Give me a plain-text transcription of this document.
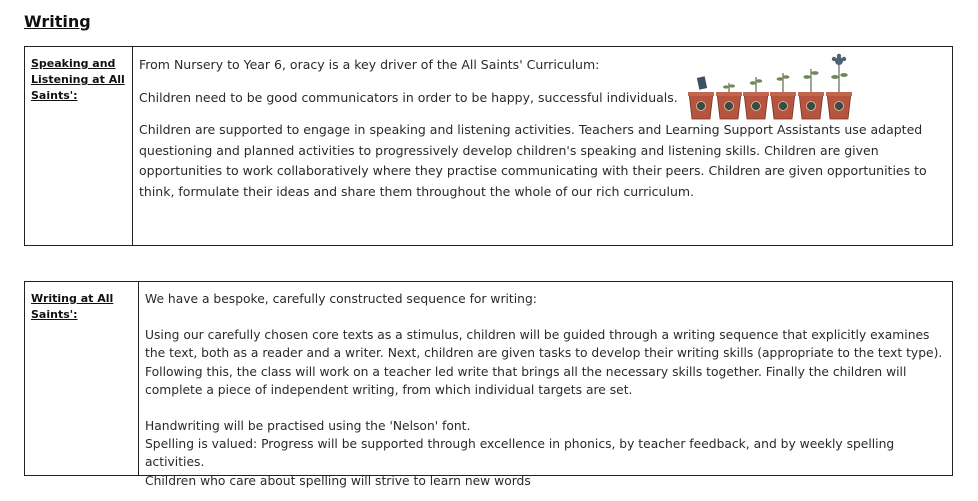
Writing
Speaking and
Listening at All
Saints':

From Nursery to Year 6, oracy is a key driver of the All Saints' Curriculum:

Children need to be good communicators in order to be happy, successful individuals.

Children are supported to engage in speaking and listening activities. Teachers and Learning Support Assistants use adapted questioning and planned activities to progressively develop children's speaking and listening skills. Children are given opportunities to work collaboratively where they practise communicating with their peers. Children are given opportunities to think, formulate their ideas and share them throughout the whole of our rich curriculum.

Writing at All
Saints':

We have a bespoke, carefully constructed sequence for writing:

Using our carefully chosen core texts as a stimulus, children will be guided through a writing sequence that explicitly examines the text, both as a reader and a writer. Next, children are given tasks to develop their writing skills (appropriate to the text type). Following this, the class will work on a teacher led write that brings all the necessary skills together. Finally the children will complete a piece of independent writing, from which individual targets are set.

Handwriting will be practised using the 'Nelson' font.

Spelling is valued: Progress will be supported through excellence in phonics, by teacher feedback, and by weekly spelling activities.

Children who care about spelling will strive to learn new words
